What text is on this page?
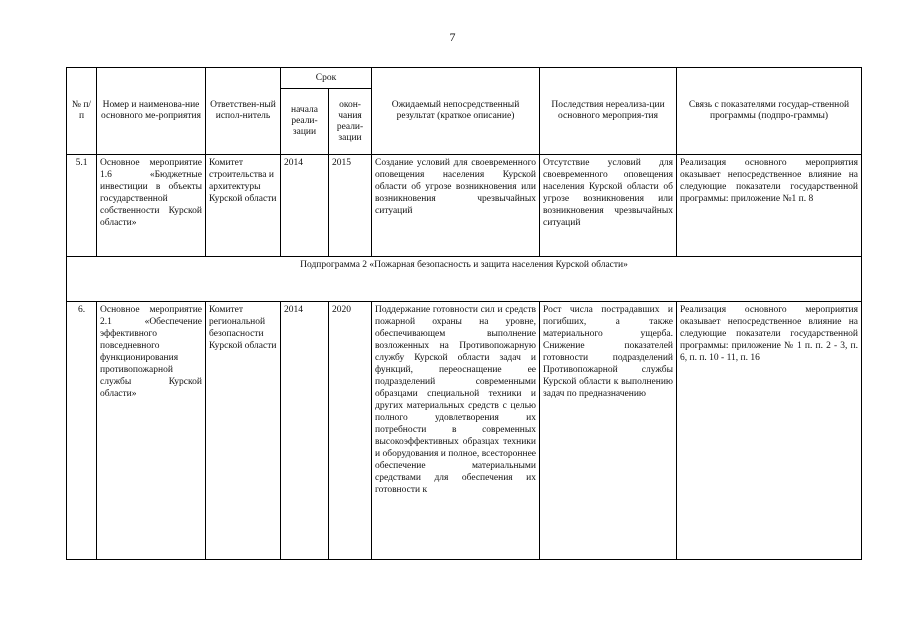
7
№ п/п	Номер и наименова-ние основного ме-роприятия	Ответствен-ный испол-нитель	Срок		Ожидаемый непосредственный результат (краткое описание)	Последствия нереализа-ции основного мероприя-тия	Связь с показателями государ-ственной программы (подпро-граммы)
			начала реали-зации	окон-чания реали-зации			
5.1	Основное мероприятие 1.6 «Бюджетные инвестиции в объекты государственной собственности Курской области»	Комитет строительства и архитектуры Курской области	2014	2015	Создание условий для своевременного оповещения населения Курской области об угрозе возникновения или возникновения чрезвычайных ситуаций	Отсутствие условий для своевременного оповещения населения Курской области об угрозе возникновения или возникновения чрезвычайных ситуаций	Реализация основного мероприятия оказывает непосредственное влияние на следующие показатели государственной программы: приложение №1 п. 8
Подпрограмма 2 «Пожарная безопасность и защита населения Курской области»							
6.	Основное мероприятие 2.1 «Обеспечение эффективного повседневного функционирования противопожарной службы Курской области»	Комитет региональной безопасности Курской области	2014	2020	Поддержание готовности сил и средств пожарной охраны на уровне, обеспечивающем выполнение возложенных на Противопожарную службу Курской области задач и функций, переоснащение ее подразделений современными образцами специальной техники и других материальных средств с целью полного удовлетворения их потребности в современных высокоэффективных образцах техники и оборудования и полное, всестороннее обеспечение материальными средствами для обеспечения их готовности к	Рост числа пострадавших и погибших, а также материального ущерба. Снижение показателей готовности подразделений Противопожарной службы Курской области к выполнению задач по предназначению	Реализация основного мероприятия оказывает непосредственное влияние на следующие показатели государственной программы: приложение № 1 п. п. 2 - 3, п. 6, п. п. 10 - 11, п. 16
